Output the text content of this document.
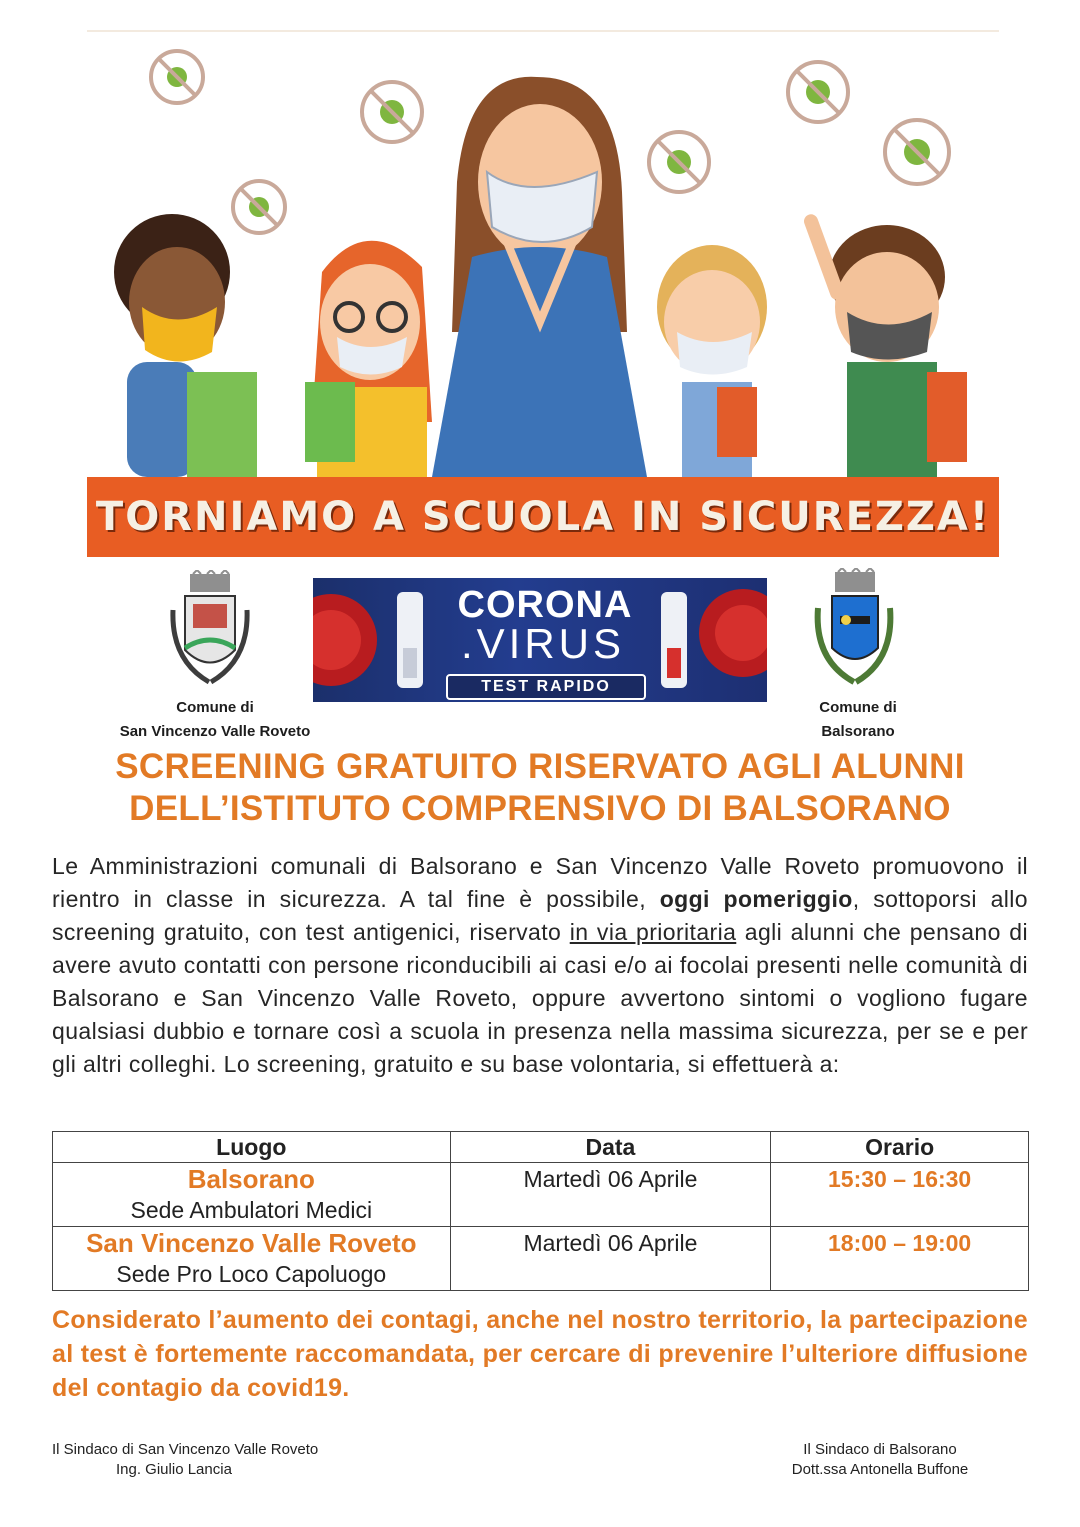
TORNIAMO A SCUOLA IN SICUREZZA!
Comune di
San Vincenzo Valle Roveto
CORONA
.VIRUS
TEST RAPIDO
Comune di
Balsorano
SCREENING GRATUITO RISERVATO AGLI ALUNNI
DELL’ISTITUTO COMPRENSIVO DI BALSORANO
Le Amministrazioni comunali di Balsorano e San Vincenzo Valle Roveto promuovono il rientro in classe in sicurezza. A tal fine è possibile, oggi pomeriggio, sottoporsi allo screening gratuito, con test antigenici, riservato in via prioritaria agli alunni che pensano di avere avuto contatti con persone riconducibili ai casi e/o ai focolai presenti nelle comunità di Balsorano e San Vincenzo Valle Roveto, oppure avvertono sintomi o vogliono fugare qualsiasi dubbio e tornare così a scuola in presenza nella massima sicurezza, per se e per gli altri colleghi. Lo screening, gratuito e su base volontaria, si effettuerà a:
Luogo	Data	Orario

Balsorano
Sede Ambulatori Medici	Martedì 06 Aprile	15:30 – 16:30

San Vincenzo Valle Roveto
Sede Pro Loco Capoluogo	Martedì 06 Aprile	18:00 – 19:00
Considerato l’aumento dei contagi, anche nel nostro territorio, la partecipazione al test è fortemente raccomandata, per cercare di prevenire l’ulteriore diffusione del contagio da covid19.
Il Sindaco di San Vincenzo Valle Roveto
Ing. Giulio Lancia
Il Sindaco di Balsorano
Dott.ssa Antonella Buffone
